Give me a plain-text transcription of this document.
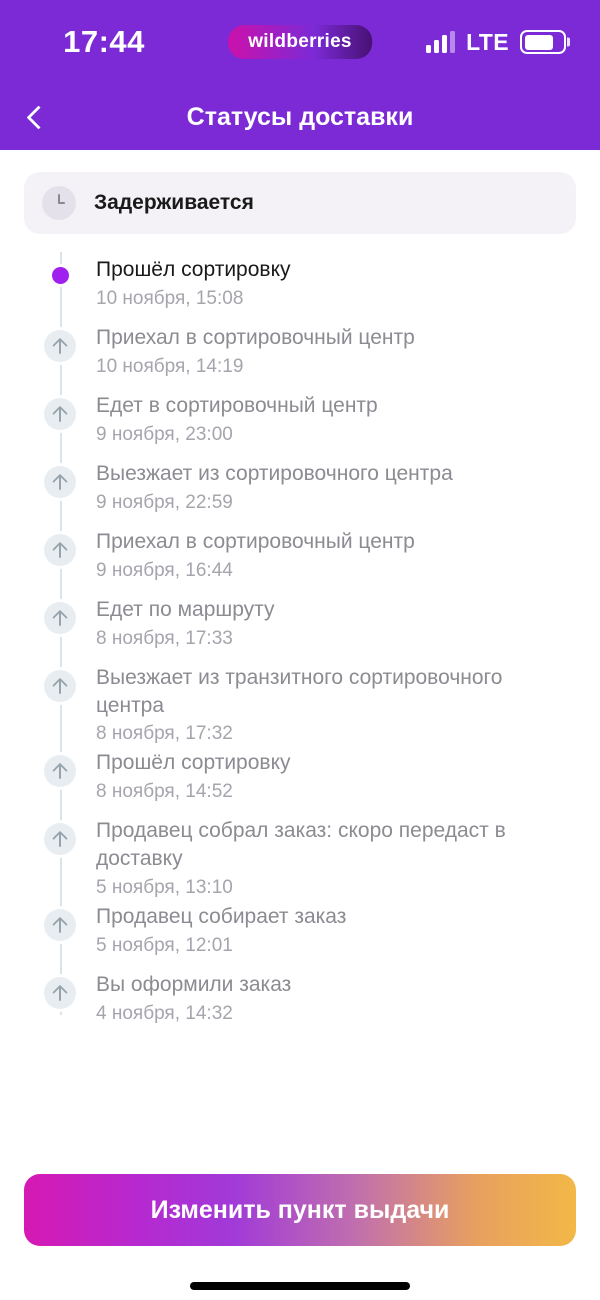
17:44	wildberries	LTE
Статусы доставки
Задерживается
Прошёл сортировку
10 ноября, 15:08
Приехал в сортировочный центр
10 ноября, 14:19
Едет в сортировочный центр
9 ноября, 23:00
Выезжает из сортировочного центра
9 ноября, 22:59
Приехал в сортировочный центр
9 ноября, 16:44
Едет по маршруту
8 ноября, 17:33
Выезжает из транзитного сортировочного центра
8 ноября, 17:32
Прошёл сортировку
8 ноября, 14:52
Продавец собрал заказ: скоро передаст в доставку
5 ноября, 13:10
Продавец собирает заказ
5 ноября, 12:01
Вы оформили заказ
4 ноября, 14:32
Изменить пункт выдачи
